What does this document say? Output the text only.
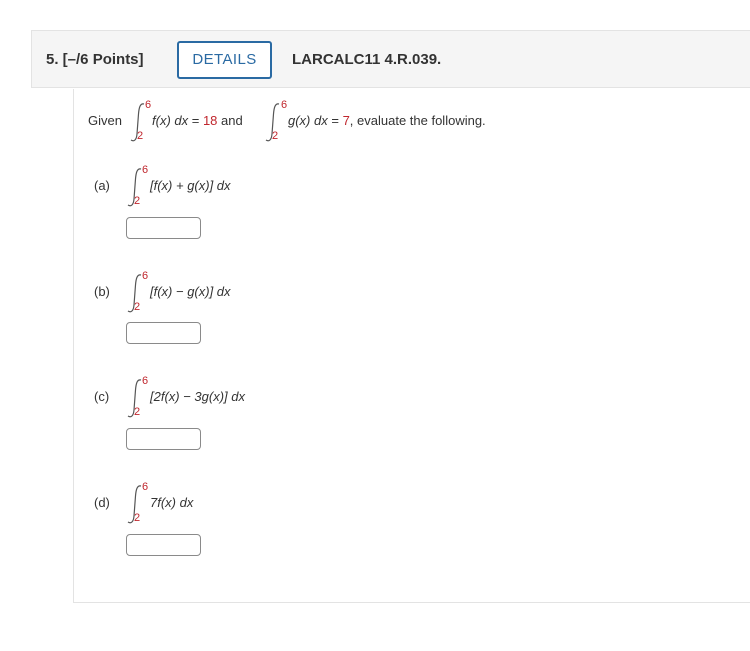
5. [–/6 Points]	DETAILS	LARCALC11 4.R.039.
Given
6
2
f(x) dx = 18 and
6
2
g(x) dx = 7, evaluate the following.
(a)
6
2
[f(x) + g(x)] dx
(b)
6
2
[f(x) − g(x)] dx
(c)
6
2
[2f(x) − 3g(x)] dx
(d)
6
2
7f(x) dx
